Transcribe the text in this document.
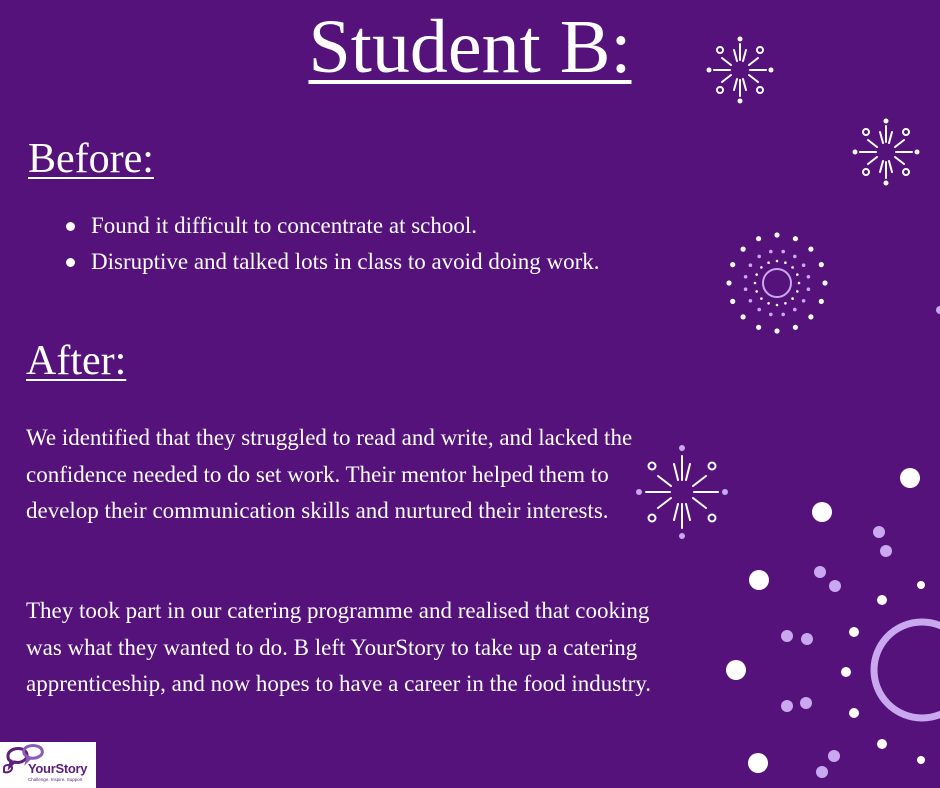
Student B:
Before:
Found it difficult to concentrate at school.
Disruptive and talked lots in class to avoid doing work.
After:

We identified that they struggled to read and write, and lacked the confidence needed to do set work. Their mentor helped them to develop their communication skills and nurtured their interests.

They took part in our catering programme and realised that cooking was what they wanted to do. B left YourStory to take up a catering apprenticeship, and now hopes to have a career in the food industry.

YourStory
Challenge. Inspire. Support
